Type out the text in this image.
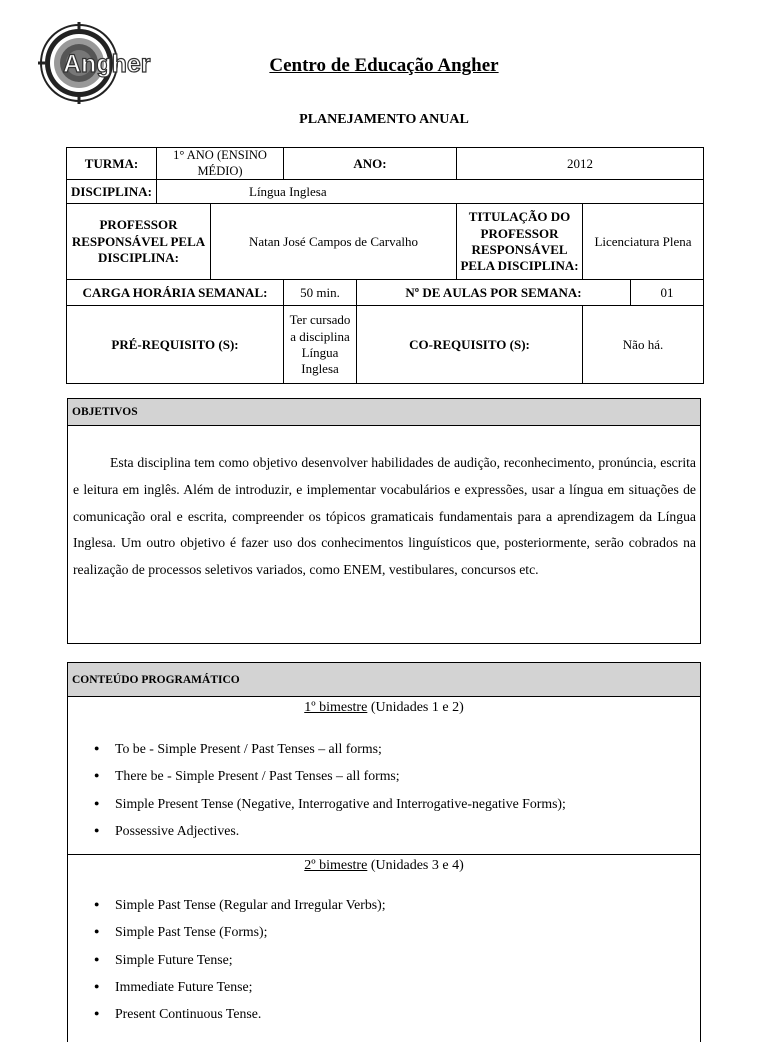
Angher	Centro de Educação Angher
PLANEJAMENTO ANUAL
TURMA:	1° ANO (ENSINO MÉDIO)		ANO:		2012		
DISCIPLINA:	Língua Inglesa						
PROFESSOR RESPONSÁVEL PELA DISCIPLINA:		Natan José Campos de Carvalho			TITULAÇÃO DO PROFESSOR RESPONSÁVEL PELA DISCIPLINA:	Licenciatura Plena	
CARGA HORÁRIA SEMANAL:			50 min.	Nº DE AULAS POR SEMANA:			01
PRÉ-REQUISITO (S):			Ter cursado a disciplina Língua Inglesa	CO-REQUISITO (S):		Não há.	
OBJETIVOS

Esta disciplina tem como objetivo desenvolver habilidades de audição, reconhecimento, pronúncia, escrita e leitura em inglês. Além de introduzir, e implementar vocabulários e expressões, usar a língua em situações de comunicação oral e escrita, compreender os tópicos gramaticais fundamentais para a aprendizagem da Língua Inglesa. Um outro objetivo é fazer uso dos conhecimentos linguísticos que, posteriormente, serão cobrados na realização de processos seletivos variados, como ENEM, vestibulares, concursos etc.

CONTEÚDO PROGRAMÁTICO
1º bimestre (Unidades 1 e 2)
● To be - Simple Present / Past Tenses – all forms;
● There be - Simple Present / Past Tenses – all forms;
● Simple Present Tense (Negative, Interrogative and Interrogative-negative Forms);
● Possessive Adjectives.
2º bimestre (Unidades 3 e 4)
● Simple Past Tense (Regular and Irregular Verbs);
● Simple Past Tense (Forms);
● Simple Future Tense;
● Immediate Future Tense;
● Present Continuous Tense.
